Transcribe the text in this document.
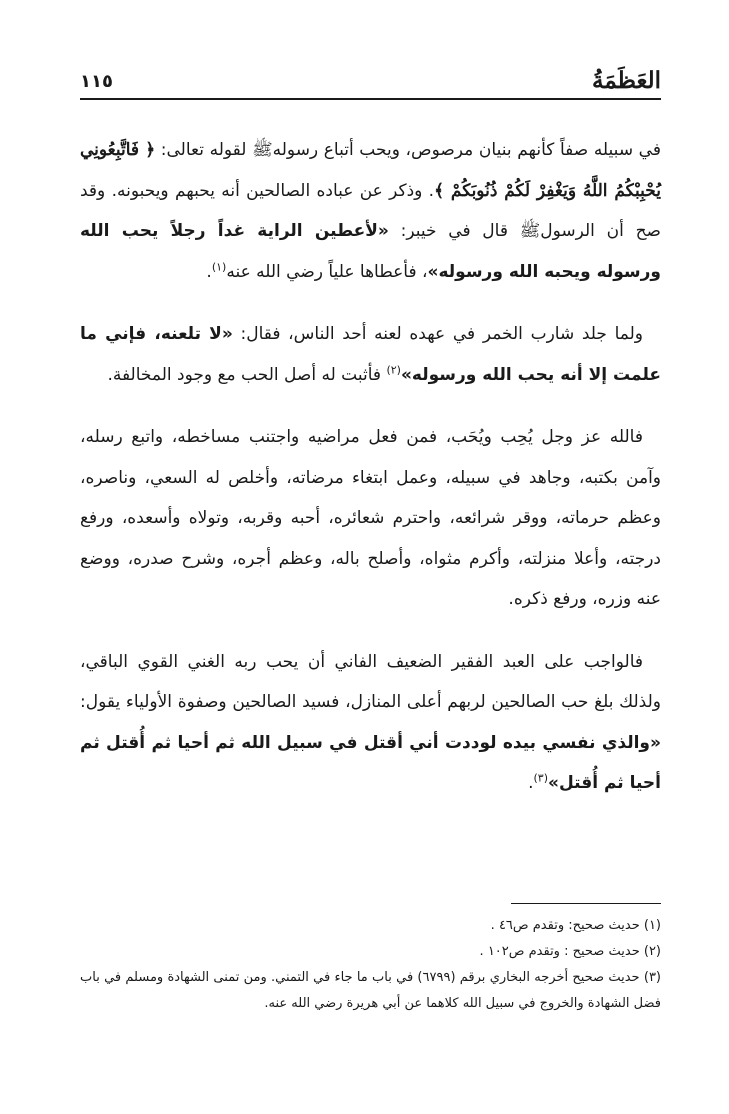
العَظَمَةُ
١١٥

في سبيله صفاً كأنهم بنيان مرصوص، ويحب أتباع رسولهﷺ لقوله تعالى: ﴿ فَاتَّبِعُونِي يُحْبِبْكُمُ اللَّهُ وَيَغْفِرْ لَكُمْ ذُنُوبَكُمْ ﴾. وذكر عن عباده الصالحين أنه يحبهم ويحبونه. وقد صح أن الرسولﷺ قال في خيبر: «لأعطين الراية غداً رجلاً يحب الله ورسوله ويحبه الله ورسوله»، فأعطاها علياً رضي الله عنه$^{(١)}$.

ولما جلد شارب الخمر في عهده لعنه أحد الناس، فقال: «لا تلعنه، فإني ما علمت إلا أنه يحب الله ورسوله»$^{(٢)}$ فأثبت له أصل الحب مع وجود المخالفة.

فالله عز وجل يُحِب ويُحَب، فمن فعل مراضيه واجتنب مساخطه، واتبع رسله، وآمن بكتبه، وجاهد في سبيله، وعمل ابتغاء مرضاته، وأخلص له السعي، وناصره، وعظم حرماته، ووقر شرائعه، واحترم شعائره، أحبه وقربه، وتولاه وأسعده، ورفع درجته، وأعلا منزلته، وأكرم مثواه، وأصلح باله، وعظم أجره، وشرح صدره، ووضع عنه وزره، ورفع ذكره.

فالواجب على العبد الفقير الضعيف الفاني أن يحب ربه الغني القوي الباقي، ولذلك بلغ حب الصالحين لربهم أعلى المنازل، فسيد الصالحين وصفوة الأولياء يقول: «والذي نفسي بيده لوددت أني أقتل في سبيل الله ثم أحيا ثم أُقتل ثم أحيا ثم أُقتل»$^{(٣)}$.

(١) حديث صحيح: وتقدم ص٤٦ .
(٢) حديث صحيح : وتقدم ص١٠٢ .
(٣) حديث صحيح أخرجه البخاري برقم (٦٧٩٩) في باب ما جاء في التمني. ومن تمنى الشهادة ومسلم في باب فضل الشهادة والخروج في سبيل الله كلاهما عن أبي هريرة رضي الله عنه.
